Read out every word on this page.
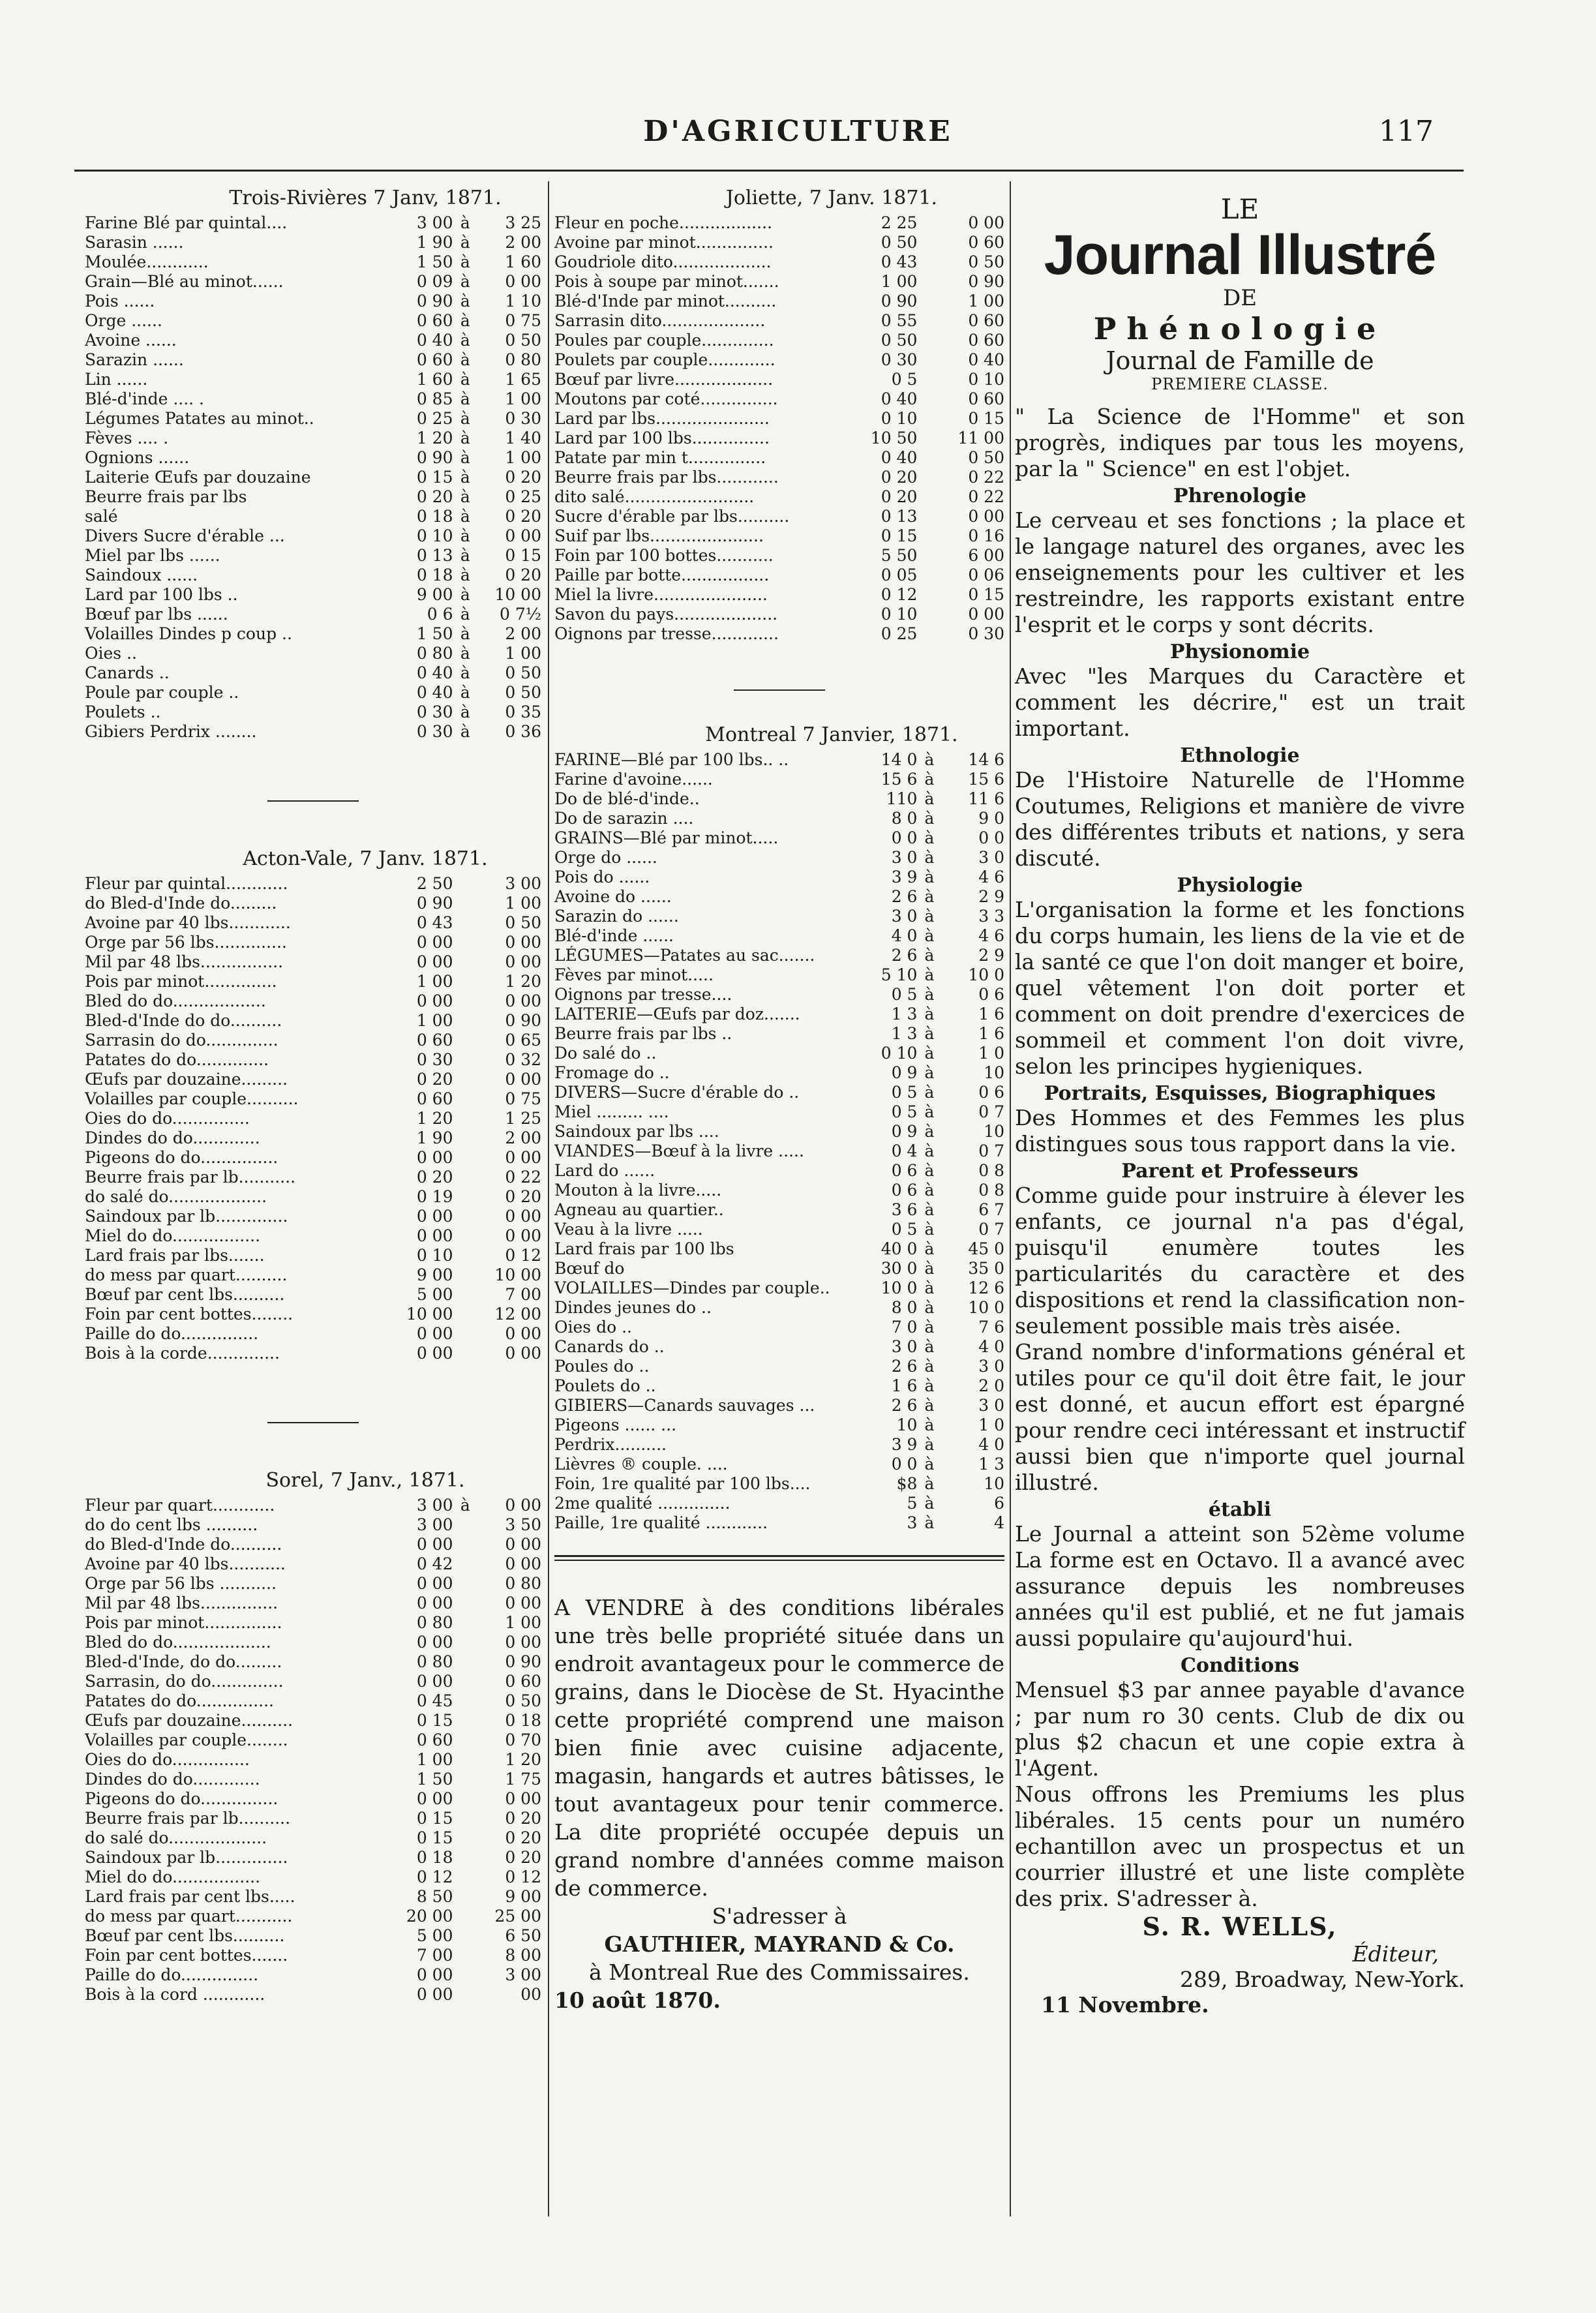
D'AGRICULTURE	117
Trois-Rivières 7 Janv, 1871.
Farine Blé par quintal....	3 00	à	3 25
Sarasin ......	1 90	à	2 00
Moulée............	1 50	à	1 60
Grain—Blé au minot......	0 09	à	0 00
Pois ......	0 90	à	1 10
Orge ......	0 60	à	0 75
Avoine ......	0 40	à	0 50
Sarazin ......	0 60	à	0 80
Lin ......	1 60	à	1 65
Blé-d'inde .... .	0 85	à	1 00
Légumes Patates au minot..	0 25	à	0 30
Fèves .... .	1 20	à	1 40
Ognions ......	0 90	à	1 00
Laiterie Œufs par douzaine	0 15	à	0 20
Beurre frais par lbs	0 20	à	0 25
salé	0 18	à	0 20
Divers Sucre d'érable ...	0 10	à	0 00
Miel par lbs ......	0 13	à	0 15
Saindoux ......	0 18	à	0 20
Lard par 100 lbs ..	9 00	à	10 00
Bœuf par lbs ......	0 6	à	0 7½
Volailles Dindes p coup ..	1 50	à	2 00
Oies ..	0 80	à	1 00
Canards ..	0 40	à	0 50
Poule par couple ..	0 40	à	0 50
Poulets ..	0 30	à	0 35
Gibiers Perdrix ........	0 30	à	0 36
Acton-Vale, 7 Janv. 1871.
Fleur par quintal............	2 50		3 00
do Bled-d'Inde do.........	0 90		1 00
Avoine par 40 lbs............	0 43		0 50
Orge par 56 lbs..............	0 00		0 00
Mil par 48 lbs................	0 00		0 00
Pois par minot..............	1 00		1 20
Bled do do..................	0 00		0 00
Bled-d'Inde do do..........	1 00		0 90
Sarrasin do do..............	0 60		0 65
Patates do do..............	0 30		0 32
Œufs par douzaine.........	0 20		0 00
Volailles par couple..........	0 60		0 75
Oies do do...............	1 20		1 25
Dindes do do.............	1 90		2 00
Pigeons do do...............	0 00		0 00
Beurre frais par lb...........	0 20		0 22
do salé do...................	0 19		0 20
Saindoux par lb..............	0 00		0 00
Miel do do.................	0 00		0 00
Lard frais par lbs.......	0 10		0 12
do mess par quart..........	9 00		10 00
Bœuf par cent lbs..........	5 00		7 00
Foin par cent bottes........	10 00		12 00
Paille do do...............	0 00		0 00
Bois à la corde..............	0 00		0 00
Sorel, 7 Janv., 1871.
Fleur par quart............	3 00	à	0 00
do do cent lbs ..........	3 00		3 50
do Bled-d'Inde do..........	0 00		0 00
Avoine par 40 lbs...........	0 42		0 00
Orge par 56 lbs ...........	0 00		0 80
Mil par 48 lbs...............	0 00		0 00
Pois par minot...............	0 80		1 00
Bled do do...................	0 00		0 00
Bled-d'Inde, do do.........	0 80		0 90
Sarrasin, do do..............	0 00		0 60
Patates do do...............	0 45		0 50
Œufs par douzaine..........	0 15		0 18
Volailles par couple........	0 60		0 70
Oies do do...............	1 00		1 20
Dindes do do.............	1 50		1 75
Pigeons do do...............	0 00		0 00
Beurre frais par lb..........	0 15		0 20
do salé do...................	0 15		0 20
Saindoux par lb..............	0 18		0 20
Miel do do.................	0 12		0 12
Lard frais par cent lbs.....	8 50		9 00
do mess par quart...........	20 00		25 00
Bœuf par cent lbs..........	5 00		6 50
Foin par cent bottes.......	7 00		8 00
Paille do do...............	0 00		3 00
Bois à la cord ............	0 00		00
Joliette, 7 Janv. 1871.
Fleur en poche..................	2 25		0 00
Avoine par minot...............	0 50		0 60
Goudriole dito...................	0 43		0 50
Pois à soupe par minot.......	1 00		0 90
Blé-d'Inde par minot..........	0 90		1 00
Sarrasin dito....................	0 55		0 60
Poules par couple..............	0 50		0 60
Poulets par couple.............	0 30		0 40
Bœuf par livre...................	0 5		0 10
Moutons par coté...............	0 40		0 60
Lard par lbs......................	0 10		0 15
Lard par 100 lbs...............	10 50		11 00
Patate par min t...............	0 40		0 50
Beurre frais par lbs............	0 20		0 22
dito salé.........................	0 20		0 22
Sucre d'érable par lbs..........	0 13		0 00
Suif par lbs......................	0 15		0 16
Foin par 100 bottes...........	5 50		6 00
Paille par botte.................	0 05		0 06
Miel la livre......................	0 12		0 15
Savon du pays....................	0 10		0 00
Oignons par tresse.............	0 25		0 30
Montreal 7 Janvier, 1871.
FARINE—Blé par 100 lbs.. ..	14 0	à	14 6
Farine d'avoine......	15 6	à	15 6
Do de blé-d'inde..	110	à	11 6
Do de sarazin ....	8 0	à	9 0
GRAINS—Blé par minot.....	0 0	à	0 0
Orge do ......	3 0	à	3 0
Pois do ......	3 9	à	4 6
Avoine do ......	2 6	à	2 9
Sarazin do ......	3 0	à	3 3
Blé-d'inde ......	4 0	à	4 6
LÉGUMES—Patates au sac.......	2 6	à	2 9
Fèves par minot.....	5 10	à	10 0
Oignons par tresse....	0 5	à	0 6
LAITERIE—Œufs par doz.......	1 3	à	1 6
Beurre frais par lbs ..	1 3	à	1 6
Do salé do ..	0 10	à	1 0
Fromage do ..	0 9	à	10
DIVERS—Sucre d'érable do ..	0 5	à	0 6
Miel ......... ....	0 5	à	0 7
Saindoux par lbs ....	0 9	à	10
VIANDES—Bœuf à la livre .....	0 4	à	0 7
Lard do ......	0 6	à	0 8
Mouton à la livre.....	0 6	à	0 8
Agneau au quartier..	3 6	à	6 7
Veau à la livre .....	0 5	à	0 7
Lard frais par 100 lbs	40 0	à	45 0
Bœuf do	30 0	à	35 0
VOLAILLES—Dindes par couple..	10 0	à	12 6
Dindes jeunes do ..	8 0	à	10 0
Oies do ..	7 0	à	7 6
Canards do ..	3 0	à	4 0
Poules do ..	2 6	à	3 0
Poulets do ..	1 6	à	2 0
GIBIERS—Canards sauvages ...	2 6	à	3 0
Pigeons ...... ...	10	à	1 0
Perdrix..........	3 9	à	4 0
Lièvres ® couple. ....	0 0	à	1 3
Foin, 1re qualité par 100 lbs....	$8	à	10
2me qualité ..............	5	à	6
Paille, 1re qualité ............	3	à	4
A VENDRE à des conditions libérales une très belle propriété située dans un endroit avantageux pour le commerce de grains, dans le Diocèse de St. Hyacinthe cette propriété comprend une maison bien finie avec cuisine adjacente, magasin, hangards et autres bâtisses, le tout avantageux pour tenir commerce. La dite propriété occupée depuis un grand nombre d'années comme maison de commerce.
S'adresser à
GAUTHIER, MAYRAND & Co.
à Montreal Rue des Commissaires.
10 août 1870.
LE
Journal Illustré
DE
Phénologie
Journal de Famille de
PREMIERE CLASSE.

" La Science de l'Homme" et son progrès, indiques par tous les moyens, par la " Science" en est l'objet.

Phrenologie

Le cerveau et ses fonctions ; la place et le langage naturel des organes, avec les enseignements pour les cultiver et les restreindre, les rapports existant entre l'esprit et le corps y sont décrits.

Physionomie

Avec "les Marques du Caractère et comment les décrire," est un trait important.

Ethnologie

De l'Histoire Naturelle de l'Homme Coutumes, Religions et manière de vivre des différentes tributs et nations, y sera discuté.

Physiologie

L'organisation la forme et les fonctions du corps humain, les liens de la vie et de la santé ce que l'on doit manger et boire, quel vêtement l'on doit porter et comment on doit prendre d'exercices de sommeil et comment l'on doit vivre, selon les principes hygieniques.

Portraits, Esquisses, Biographiques

Des Hommes et des Femmes les plus distingues sous tous rapport dans la vie.

Parent et Professeurs

Comme guide pour instruire à élever les enfants, ce journal n'a pas d'égal, puisqu'il enumère toutes les particularités du caractère et des dispositions et rend la classification non-seulement possible mais très aisée.

Grand nombre d'informations général et utiles pour ce qu'il doit être fait, le jour est donné, et aucun effort est épargné pour rendre ceci intéressant et instructif aussi bien que n'importe quel journal illustré.

établi

Le Journal a atteint son 52ème volume La forme est en Octavo. Il a avancé avec assurance depuis les nombreuses années qu'il est publié, et ne fut jamais aussi populaire qu'aujourd'hui.

Conditions

Mensuel $3 par annee payable d'avance ; par num ro 30 cents. Club de dix ou plus $2 chacun et une copie extra à l'Agent.

Nous offrons les Premiums les plus libérales. 15 cents pour un numéro echantillon avec un prospectus et un courrier illustré et une liste complète des prix. S'adresser à.

S. R. WELLS,
Éditeur,
289, Broadway, New-York.
11 Novembre.
